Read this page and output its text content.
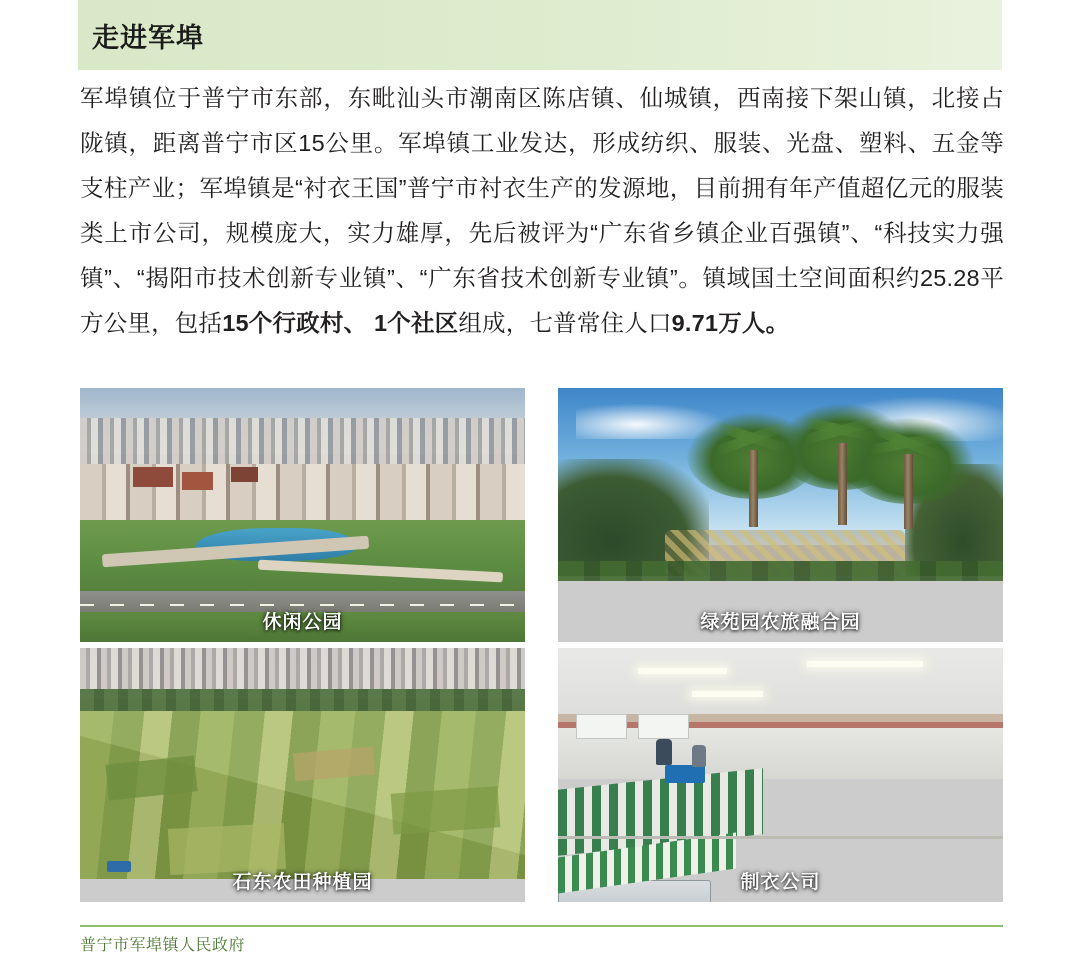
走进军埠
军埠镇位于普宁市东部，东毗汕头市潮南区陈店镇、仙城镇，西南接下架山镇，北接占陇镇，距离普宁市区15公里。军埠镇工业发达，形成纺织、服装、光盘、塑料、五金等支柱产业；军埠镇是“衬衣王国”普宁市衬衣生产的发源地，目前拥有年产值超亿元的服装类上市公司，规模庞大，实力雄厚，先后被评为“广东省乡镇企业百强镇”、“科技实力强镇”、“揭阳市技术创新专业镇”、“广东省技术创新专业镇”。镇域国土空间面积约25.28平方公里，包括15个行政村、 1个社区组成，七普常住人口9.71万人。
休闲公园	绿苑园农旅融合园
石东农田种植园	制衣公司
普宁市军埠镇人民政府
